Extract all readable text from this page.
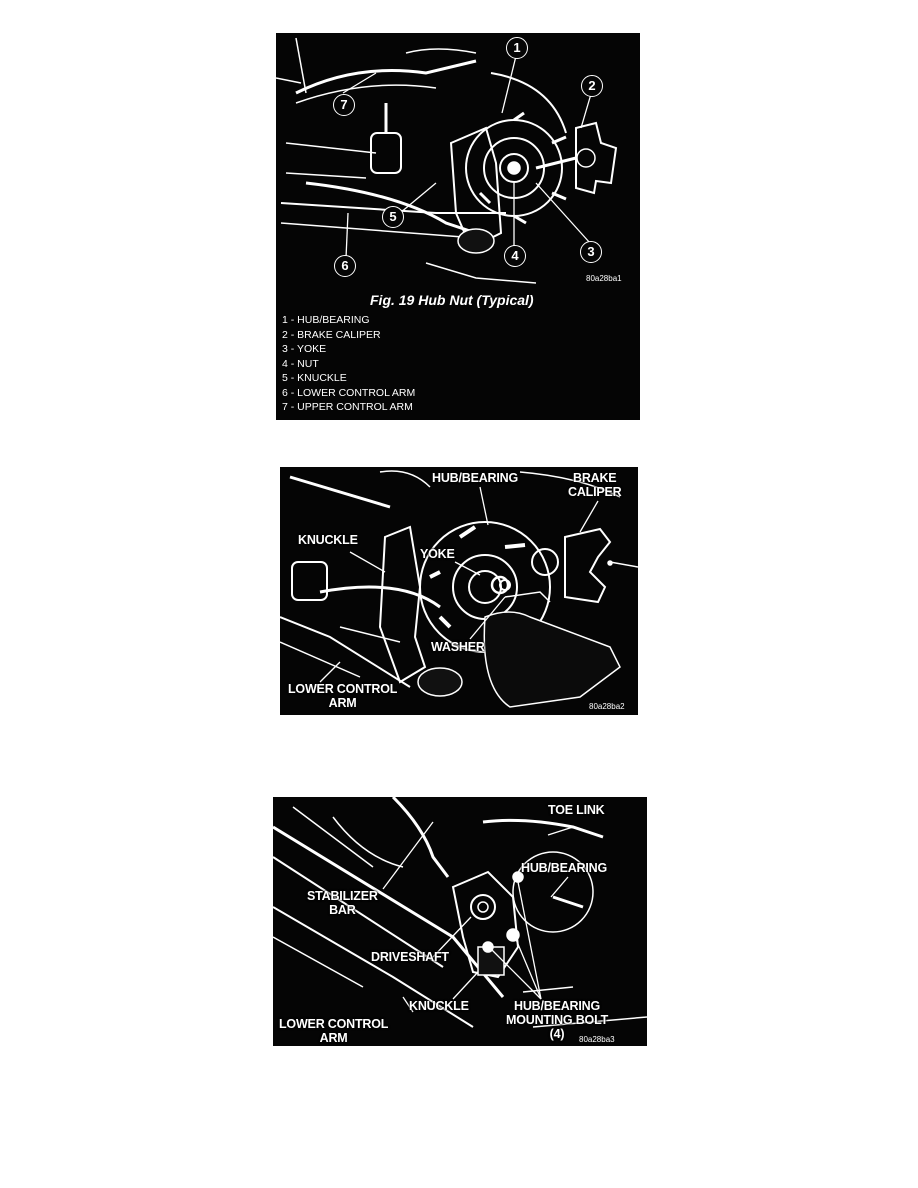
1
2
7
5
4	3
6
80a28ba1
Fig. 19 Hub Nut (Typical)
1 - HUB/BEARING
2 - BRAKE CALIPER
3 - YOKE
4 - NUT
5 - KNUCKLE
6 - LOWER CONTROL ARM
7 - UPPER CONTROL ARM
HUB/BEARING	BRAKE
CALIPER
KNUCKLE
YOKE
WASHER
LOWER CONTROL
ARM	80a28ba2
TOE LINK
HUB/BEARING
STABILIZER
BAR
DRIVESHAFT
KNUCKLE	HUB/BEARING
MOUNTING BOLT
(4)
LOWER CONTROL
ARM	80a28ba3
